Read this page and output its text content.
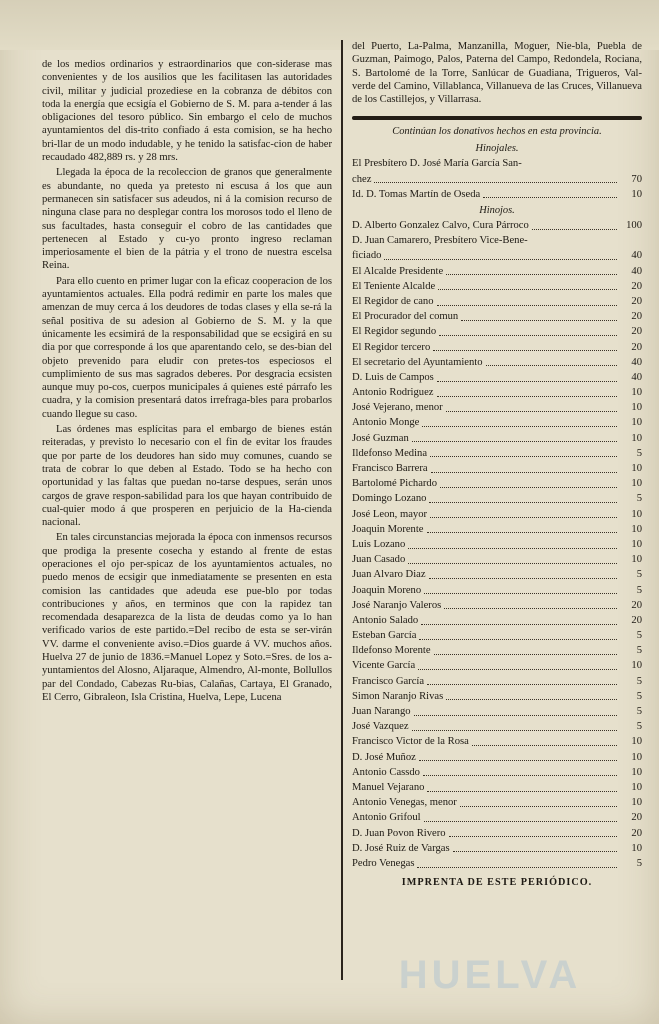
de los medios ordinarios y estraordinarios que con-siderase mas convenientes y de los ausilios que les facilitasen las autoridades civil, militar y judicial prozediese en la cobranza de débitos con toda la energía que ecsigía el Gobierno de S. M. para a-tender á las obligaciones del tesoro público. Sin embargo el celo de muchos ayuntamientos del dis-trito confiado á esta comision, se ha hecho bri-llar de un modo indudable, y he tenido la satisfac-cion de haber recaudado 482,889 rs. y 28 mrs.

Llegada la época de la recoleccion de granos que generalmente es abundante, no queda ya pretesto ni escusa á los que aun permanecen sin satisfacer sus adeudos, ni á la comision recurso de ninguna clase para no desplegar contra los morosos todo el lleno de sus facultades, hasta conseguir el cobro de las cantidades que pertenecen al Estado y cu-yo pronto ingreso reclaman imperiosamente el bien de la pátria y el trono de nuestra escelsa Reina.

Para ello cuento en primer lugar con la eficaz cooperacion de los ayuntamientos actuales. Ella podrá redimir en parte los males que amenzan de muy cerca á los deudores de todas clases y ella se-rá la señal positiva de su adesion al Gobierno de S. M. y la que únicamente les ecsimirá de la responsabilidad que se ecsigirá en su dia por que corresponde á los que aparentando celo, se des-bian del objeto prevenido para eludir con pretes-tos especiosos el cumplimiento de sus mas sagrados deberes. Por desgracia ecsisten aunque muy po-cos, cuerpos municipales á quienes esté párrafo les cuadra, y la comision presentará datos irrefraga-bles para probarlos cuando llegue su caso.

Las órdenes mas esplícitas para el embargo de bienes están reiteradas, y previsto lo necesario con el fin de evitar los fraudes que por parte de los deudores han sido muy comunes, cuando se trata de cobrar lo que deben al Estado. Todo se ha hecho con oportunidad y las faltas que puedan no-tarse despues, serán unos cargos de grave respon-sabilidad para los que hayan contribuido de cual-quier modo á que prosperen en perjuicio de la Ha-cienda nacional.

En tales circunstancias mejorada la época con inmensos recursos que prodiga la presente cosecha y estando al frente de estas operaciones el ojo per-spicaz de los ayuntamientos actuales, no puedo menos de ecsigir que inmediatamente se presenten en esta comision las cantidades que adeuda ese pue-blo por todas contribuciones y años, en terminos que con la rapidez tan recomendada desaparezca de la lista de deudas como ya lo han verificado varios de este partido.=Del recibo de esta se ser-virán VV. darme el conveniente aviso.=Dios guarde á VV. muchos años. Huelva 27 de junio de 1836.=Manuel Lopez y Soto.=Sres. de los a-yuntamientos del Alosno, Aljaraque, Almendro, Al-monte, Bollullos par del Condado, Cabezas Ru-bias, Calañas, Cartaya, El Granado, El Cerro, Gibraleon, Isla Cristina, Huelva, Lepe, Lucena

del Puerto, La-Palma, Manzanilla, Moguer, Nie-bla, Puebla de Guzman, Paimogo, Palos, Paterna del Campo, Redondela, Rociana, S. Bartolomé de la Torre, Sanlúcar de Guadiana, Trigueros, Val-verde del Camino, Villablanca, Villanueva de las Cruces, Villanueva de los Castillejos, y Villarrasa.
Continúan los donativos hechos en esta provincia.
Hinojales.
El Presbítero D. José María García San-
chez	70
Id. D. Tomas Martín de Oseda	10
Hinojos.
D. Alberto Gonzalez Calvo, Cura Párroco	100
D. Juan Camarero, Presbítero Vice-Bene-
ficiado	40
El Alcalde Presidente	40
El Teniente Alcalde	20
El Regidor de cano	20
El Procurador del comun	20
El Regidor segundo	20
El Regidor tercero	20
El secretario del Ayuntamiento	40
D. Luis de Campos	40
Antonio Rodriguez	10
José Vejerano, menor	10
Antonio Monge	10
José Guzman	10
Ildefonso Medina	5
Francisco Barrera	10
Bartolomé Pichardo	10
Domingo Lozano	5
José Leon, mayor	10
Joaquin Morente	10
Luis Lozano	10
Juan Casado	10
Juan Alvaro Diaz	5
Joaquin Moreno	5
José Naranjo Valeros	20
Antonio Salado	20
Esteban García	5
Ildefonso Morente	5
Vicente García	10
Francisco García	5
Simon Naranjo Rivas	5
Juan Narango	5
José Vazquez	5
Francisco Victor de la Rosa	10
D. José Muñoz	10
Antonio Cassdo	10
Manuel Vejarano	10
Antonio Venegas, menor	10
Antonio Grifoul	20
D. Juan Povon Rivero	20
D. José Ruiz de Vargas	10
Pedro Venegas	5
IMPRENTA DE ESTE PERIÓDICO.
HUELVA
